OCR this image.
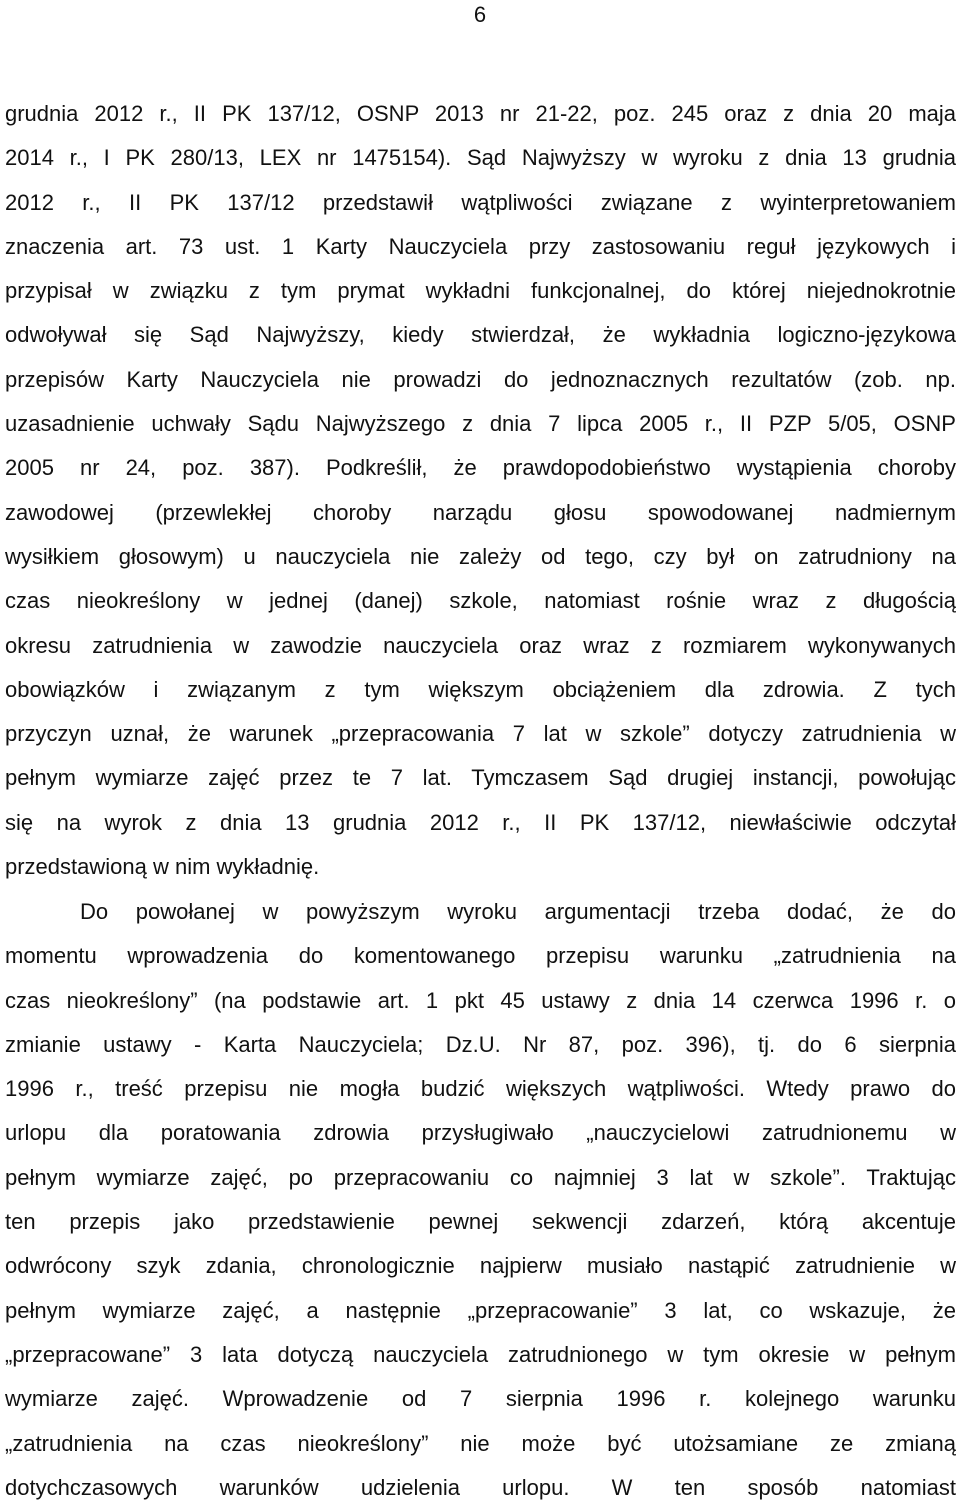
6
grudnia 2012 r., II PK 137/12, OSNP 2013 nr 21-22, poz. 245 oraz z dnia 20 maja
2014 r., I PK 280/13, LEX nr 1475154). Sąd Najwyższy w wyroku z dnia 13 grudnia
2012 r., II PK 137/12 przedstawił wątpliwości związane z wyinterpretowaniem
znaczenia art. 73 ust. 1 Karty Nauczyciela przy zastosowaniu reguł językowych i
przypisał w związku z tym prymat wykładni funkcjonalnej, do której niejednokrotnie
odwoływał się Sąd Najwyższy, kiedy stwierdzał, że wykładnia logiczno-językowa
przepisów Karty Nauczyciela nie prowadzi do jednoznacznych rezultatów (zob. np.
uzasadnienie uchwały Sądu Najwyższego z dnia 7 lipca 2005 r., II PZP 5/05, OSNP
2005 nr 24, poz. 387). Podkreślił, że prawdopodobieństwo wystąpienia choroby
zawodowej (przewlekłej choroby narządu głosu spowodowanej nadmiernym
wysiłkiem głosowym) u nauczyciela nie zależy od tego, czy był on zatrudniony na
czas nieokreślony w jednej (danej) szkole, natomiast rośnie wraz z długością
okresu zatrudnienia w zawodzie nauczyciela oraz wraz z rozmiarem wykonywanych
obowiązków i związanym z tym większym obciążeniem dla zdrowia. Z tych
przyczyn uznał, że warunek „przepracowania 7 lat w szkole” dotyczy zatrudnienia w
pełnym wymiarze zajęć przez te 7 lat. Tymczasem Sąd drugiej instancji, powołując
się na wyrok z dnia 13 grudnia 2012 r., II PK 137/12, niewłaściwie odczytał
przedstawioną w nim wykładnię.
Do powołanej w powyższym wyroku argumentacji trzeba dodać, że do
momentu wprowadzenia do komentowanego przepisu warunku „zatrudnienia na
czas nieokreślony” (na podstawie art. 1 pkt 45 ustawy z dnia 14 czerwca 1996 r. o
zmianie ustawy - Karta Nauczyciela; Dz.U. Nr 87, poz. 396), tj. do 6 sierpnia
1996 r., treść przepisu nie mogła budzić większych wątpliwości. Wtedy prawo do
urlopu dla poratowania zdrowia przysługiwało „nauczycielowi zatrudnionemu w
pełnym wymiarze zajęć, po przepracowaniu co najmniej 3 lat w szkole”. Traktując
ten przepis jako przedstawienie pewnej sekwencji zdarzeń, którą akcentuje
odwrócony szyk zdania, chronologicznie najpierw musiało nastąpić zatrudnienie w
pełnym wymiarze zajęć, a następnie „przepracowanie” 3 lat, co wskazuje, że
„przepracowane” 3 lata dotyczą nauczyciela zatrudnionego w tym okresie w pełnym
wymiarze zajęć. Wprowadzenie od 7 sierpnia 1996 r. kolejnego warunku
„zatrudnienia na czas nieokreślony” nie może być utożsamiane ze zmianą
dotychczasowych warunków udzielenia urlopu. W ten sposób natomiast
